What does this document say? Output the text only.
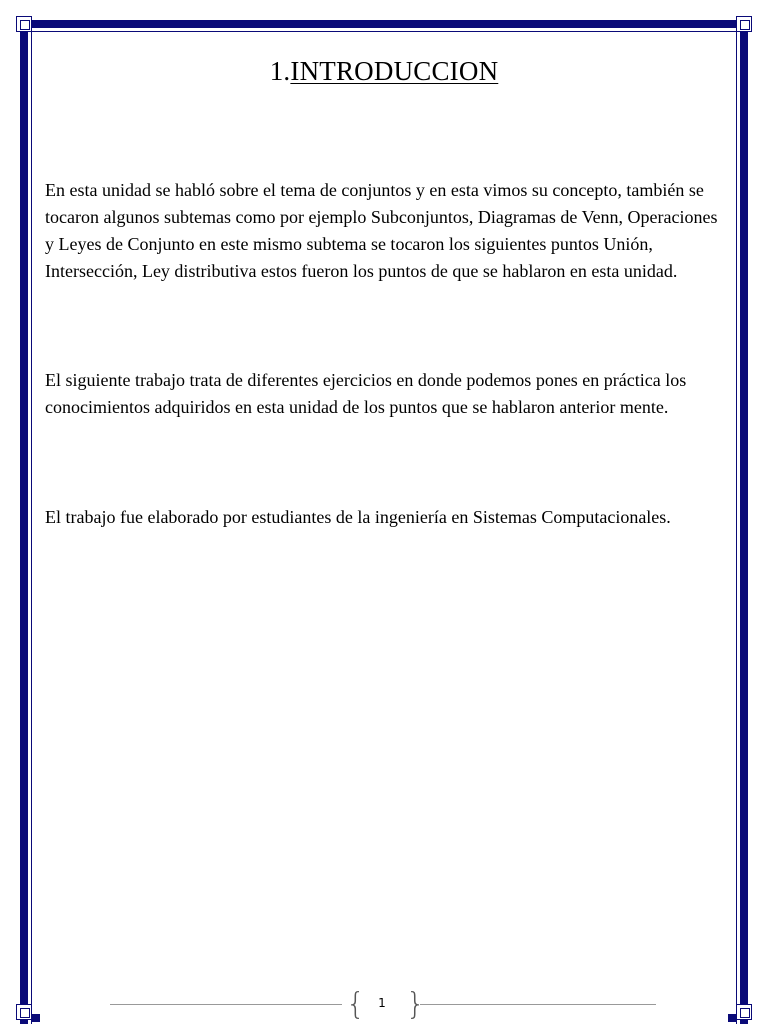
1.INTRODUCCION

En esta unidad se habló sobre el tema de conjuntos y en esta vimos su concepto, también se tocaron algunos subtemas como por ejemplo Subconjuntos, Diagramas de Venn, Operaciones y Leyes de Conjunto en este mismo subtema se tocaron los siguientes puntos Unión, Intersección, Ley distributiva estos fueron los puntos de que se hablaron en esta unidad.

El siguiente trabajo trata de diferentes ejercicios en donde podemos pones en práctica los conocimientos adquiridos en esta unidad de los puntos que se hablaron anterior mente.

El trabajo fue elaborado por estudiantes de la ingeniería en Sistemas Computacionales.

{ }
1
